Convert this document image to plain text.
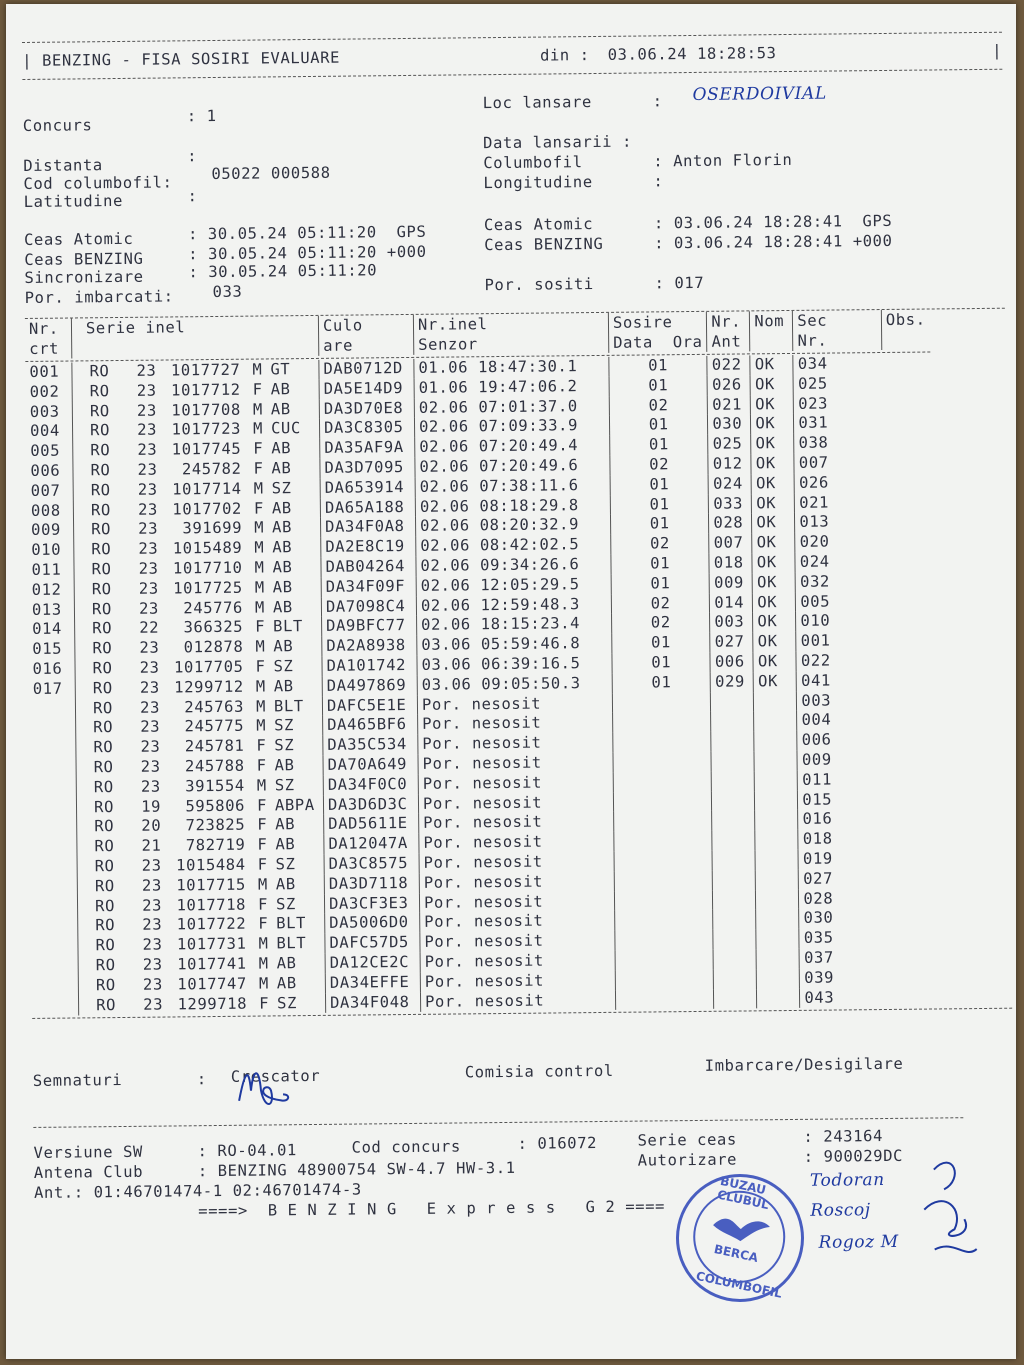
| BENZING - FISA SOSIRI EVALUARE	din : 03.06.24 18:28:53	|
Concurs
: 1
Loc lansare	: OSERDOIVIAL
Data lansarii :
Distanta	:
Cod columbofil:
05022 000588
Columbofil	: Anton Florin
Latitudine	:
Longitudine	:
Ceas Atomic	: 30.05.24 05:11:20  GPS	Ceas Atomic	: 03.06.24 18:28:41  GPS
Ceas BENZING	: 30.05.24 05:11:20 +000	Ceas BENZING	: 03.06.24 18:28:41 +000
Sincronizare	: 30.05.24 05:11:20
Por. imbarcati:	033	Por. sositi	: 017
Nr.
crt	Serie inel					Culo
are	Nr.inel
Senzor	Sosire
Data  Ora	Nr.
Ant	Nom	Sec
Nr.	Obs.

001	RO	23	1017727	M	GT	DAB0712D	01.06 18:47:30.1	01	022	OK	034	
002	RO	23	1017712	F	AB	DA5E14D9	01.06 19:47:06.2	01	026	OK	025	
003	RO	23	1017708	M	AB	DA3D70E8	02.06 07:01:37.0	02	021	OK	023	
004	RO	23	1017723	M	CUC	DA3C8305	02.06 07:09:33.9	01	030	OK	031	
005	RO	23	1017745	F	AB	DA35AF9A	02.06 07:20:49.4	01	025	OK	038	
006	RO	23	245782	F	AB	DA3D7095	02.06 07:20:49.6	02	012	OK	007	
007	RO	23	1017714	M	SZ	DA653914	02.06 07:38:11.6	01	024	OK	026	
008	RO	23	1017702	F	AB	DA65A188	02.06 08:18:29.8	01	033	OK	021	
009	RO	23	391699	M	AB	DA34F0A8	02.06 08:20:32.9	01	028	OK	013	
010	RO	23	1015489	M	AB	DA2E8C19	02.06 08:42:02.5	02	007	OK	020	
011	RO	23	1017710	M	AB	DAB04264	02.06 09:34:26.6	01	018	OK	024	
012	RO	23	1017725	M	AB	DA34F09F	02.06 12:05:29.5	01	009	OK	032	
013	RO	23	245776	M	AB	DA7098C4	02.06 12:59:48.3	02	014	OK	005	
014	RO	22	366325	F	BLT	DA9BFC77	02.06 18:15:23.4	02	003	OK	010	
015	RO	23	012878	M	AB	DA2A8938	03.06 05:59:46.8	01	027	OK	001	
016	RO	23	1017705	F	SZ	DA101742	03.06 06:39:16.5	01	006	OK	022	
017	RO	23	1299712	M	AB	DA497869	03.06 09:05:50.3	01	029	OK	041	
	RO	23	245763	M	BLT	DAFC5E1E	Por. nesosit				003	
	RO	23	245775	M	SZ	DA465BF6	Por. nesosit				004	
	RO	23	245781	F	SZ	DA35C534	Por. nesosit				006	
	RO	23	245788	F	AB	DA70A649	Por. nesosit				009	
	RO	23	391554	M	SZ	DA34F0C0	Por. nesosit				011	
	RO	19	595806	F	ABPA	DA3D6D3C	Por. nesosit				015	
	RO	20	723825	F	AB	DAD5611E	Por. nesosit				016	
	RO	21	782719	F	AB	DA12047A	Por. nesosit				018	
	RO	23	1015484	F	SZ	DA3C8575	Por. nesosit				019	
	RO	23	1017715	M	AB	DA3D7118	Por. nesosit				027	
	RO	23	1017718	F	SZ	DA3CF3E3	Por. nesosit				028	
	RO	23	1017722	F	BLT	DA5006D0	Por. nesosit				030	
	RO	23	1017731	M	BLT	DAFC57D5	Por. nesosit				035	
	RO	23	1017741	M	AB	DA12CE2C	Por. nesosit				037	
	RO	23	1017747	M	AB	DA34EFFE	Por. nesosit				039	
	RO	23	1299718	F	SZ	DA34F048	Por. nesosit				043	
Semnaturi	: Crescator	Comisia control	Imbarcare/Desigilare
Versiune SW	: RO-04.01	Cod concurs	: 016072	Serie ceas	: 243164
Antena Club	: BENZING 48900754 SW-4.7 HW-3.1	Autorizare	: 900029DC
Ant.: 01:46701474-1 02:46701474-3
====>  B E N Z I N G   E x p r e s s   G 2 ====
Todoran
Roscoj
Rogoz M
BUZAU CLUBUL
BERCA
COLUMBOFIL
